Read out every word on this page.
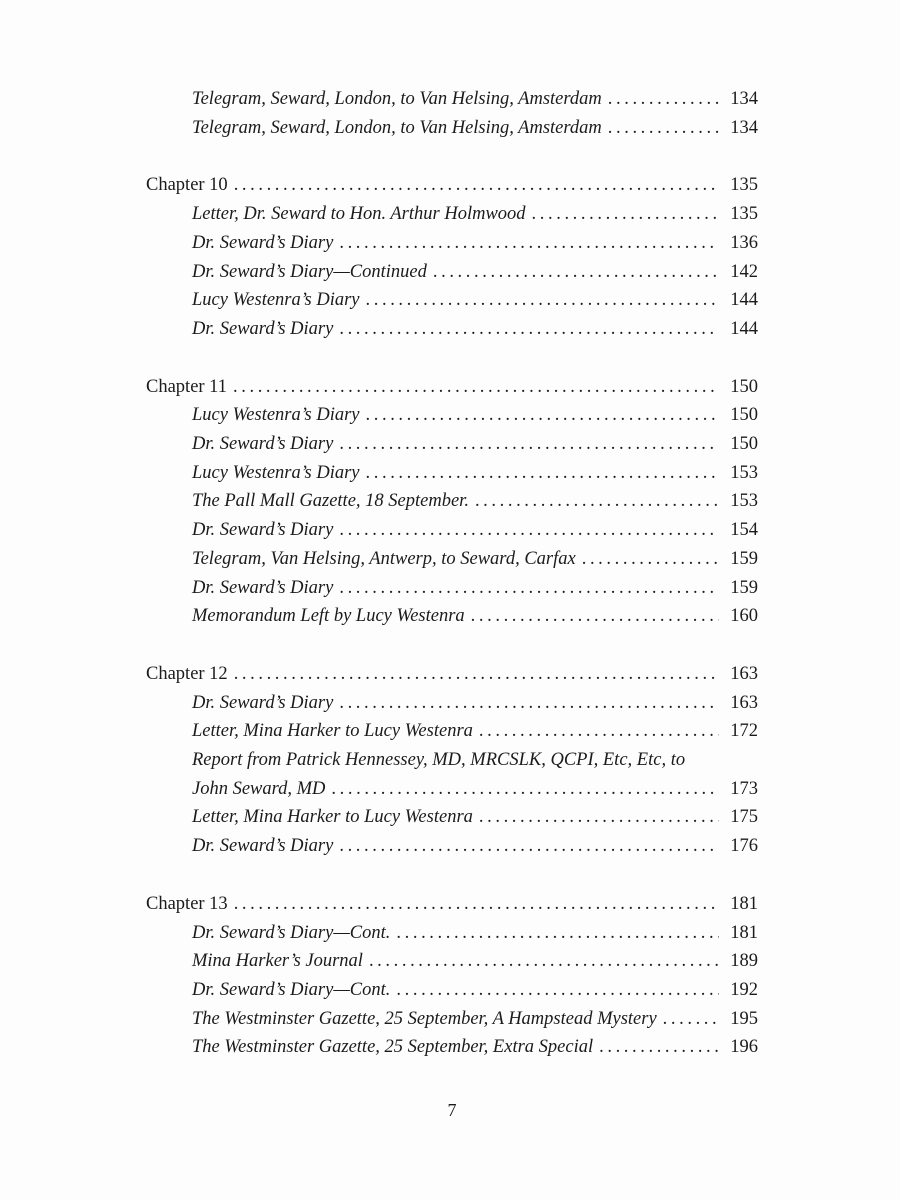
Telegram, Seward, London, to Van Helsing, Amsterdam .....	134
Telegram, Seward, London, to Van Helsing, Amsterdam .....	134
Chapter 10 .....	135
Letter, Dr. Seward to Hon. Arthur Holmwood .....	135
Dr. Seward’s Diary .....	136
Dr. Seward’s Diary—Continued .....	142
Lucy Westenra’s Diary .....	144
Dr. Seward’s Diary .....	144
Chapter 11 .....	150
Lucy Westenra’s Diary .....	150
Dr. Seward’s Diary .....	150
Lucy Westenra’s Diary .....	153
The Pall Mall Gazette, 18 September. .....	153
Dr. Seward’s Diary .....	154
Telegram, Van Helsing, Antwerp, to Seward, Carfax .....	159
Dr. Seward’s Diary .....	159
Memorandum Left by Lucy Westenra .....	160
Chapter 12 .....	163
Dr. Seward’s Diary .....	163
Letter, Mina Harker to Lucy Westenra .....	172
Report from Patrick Hennessey, MD, MRCSLK, QCPI, Etc, Etc, to
John Seward, MD .....	173
Letter, Mina Harker to Lucy Westenra .....	175
Dr. Seward’s Diary .....	176
Chapter 13 .....	181
Dr. Seward’s Diary—Cont. .....	181
Mina Harker’s Journal .....	189
Dr. Seward’s Diary—Cont. .....	192
The Westminster Gazette, 25 September, A Hampstead Mystery .....	195
The Westminster Gazette, 25 September, Extra Special .....	196
7
